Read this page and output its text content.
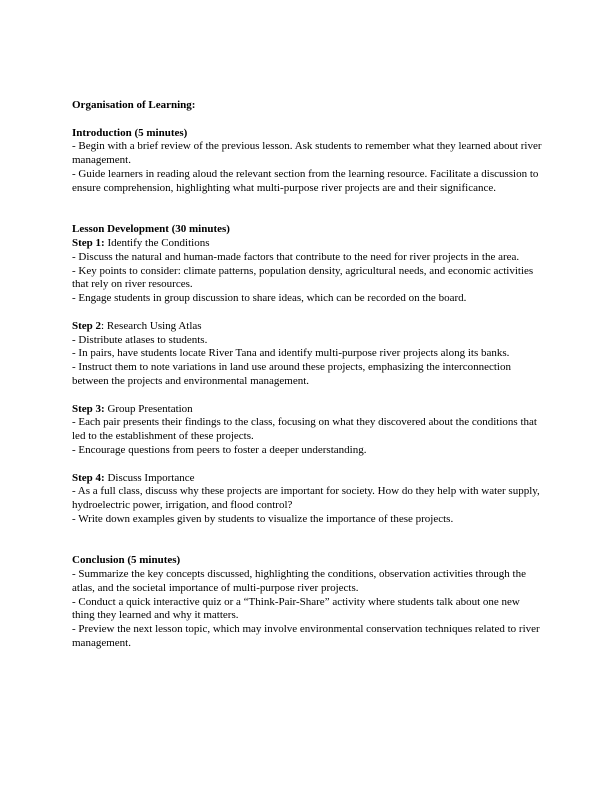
Organisation of Learning:
Introduction (5 minutes)
- Begin with a brief review of the previous lesson. Ask students to remember what they learned about river management.
- Guide learners in reading aloud the relevant section from the learning resource. Facilitate a discussion to ensure comprehension, highlighting what multi-purpose river projects are and their significance.
Lesson Development (30 minutes)
Step 1: Identify the Conditions
- Discuss the natural and human-made factors that contribute to the need for river projects in the area.
- Key points to consider: climate patterns, population density, agricultural needs, and economic activities that rely on river resources.
- Engage students in group discussion to share ideas, which can be recorded on the board.
Step 2: Research Using Atlas
- Distribute atlases to students.
- In pairs, have students locate River Tana and identify multi-purpose river projects along its banks.
- Instruct them to note variations in land use around these projects, emphasizing the interconnection between the projects and environmental management.
Step 3: Group Presentation
- Each pair presents their findings to the class, focusing on what they discovered about the conditions that led to the establishment of these projects.
- Encourage questions from peers to foster a deeper understanding.
Step 4: Discuss Importance
- As a full class, discuss why these projects are important for society. How do they help with water supply, hydroelectric power, irrigation, and flood control?
- Write down examples given by students to visualize the importance of these projects.
Conclusion (5 minutes)
- Summarize the key concepts discussed, highlighting the conditions, observation activities through the atlas, and the societal importance of multi-purpose river projects.
- Conduct a quick interactive quiz or a “Think-Pair-Share” activity where students talk about one new thing they learned and why it matters.
- Preview the next lesson topic, which may involve environmental conservation techniques related to river management.
